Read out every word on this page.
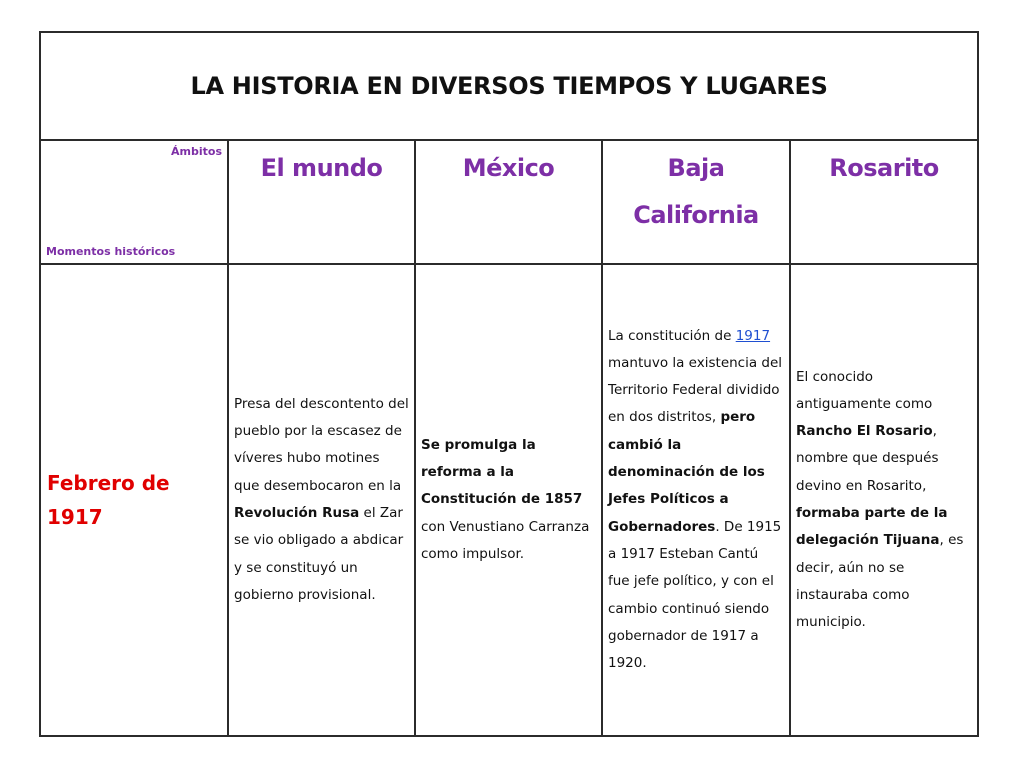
LA HISTORIA EN DIVERSOS TIEMPOS Y LUGARES				

Ámbitos
Momentos históricos	El mundo	México	Baja California	Rosarito
Febrero de 1917	Presa del descontento del pueblo por la escasez de víveres hubo motines que desembocaron en la Revolución Rusa el Zar se vio obligado a abdicar y se constituyó un gobierno provisional.	Se promulga la reforma a la Constitución de 1857 con Venustiano Carranza como impulsor.	La constitución de 1917 mantuvo la existencia del Territorio Federal dividido en dos distritos, pero cambió la denominación de los Jefes Políticos a Gobernadores. De 1915 a 1917 Esteban Cantú fue jefe político, y con el cambio continuó siendo gobernador de 1917 a 1920.	El conocido antiguamente como Rancho El Rosario, nombre que después devino en Rosarito, formaba parte de la delegación Tijuana, es decir, aún no se instauraba como municipio.
